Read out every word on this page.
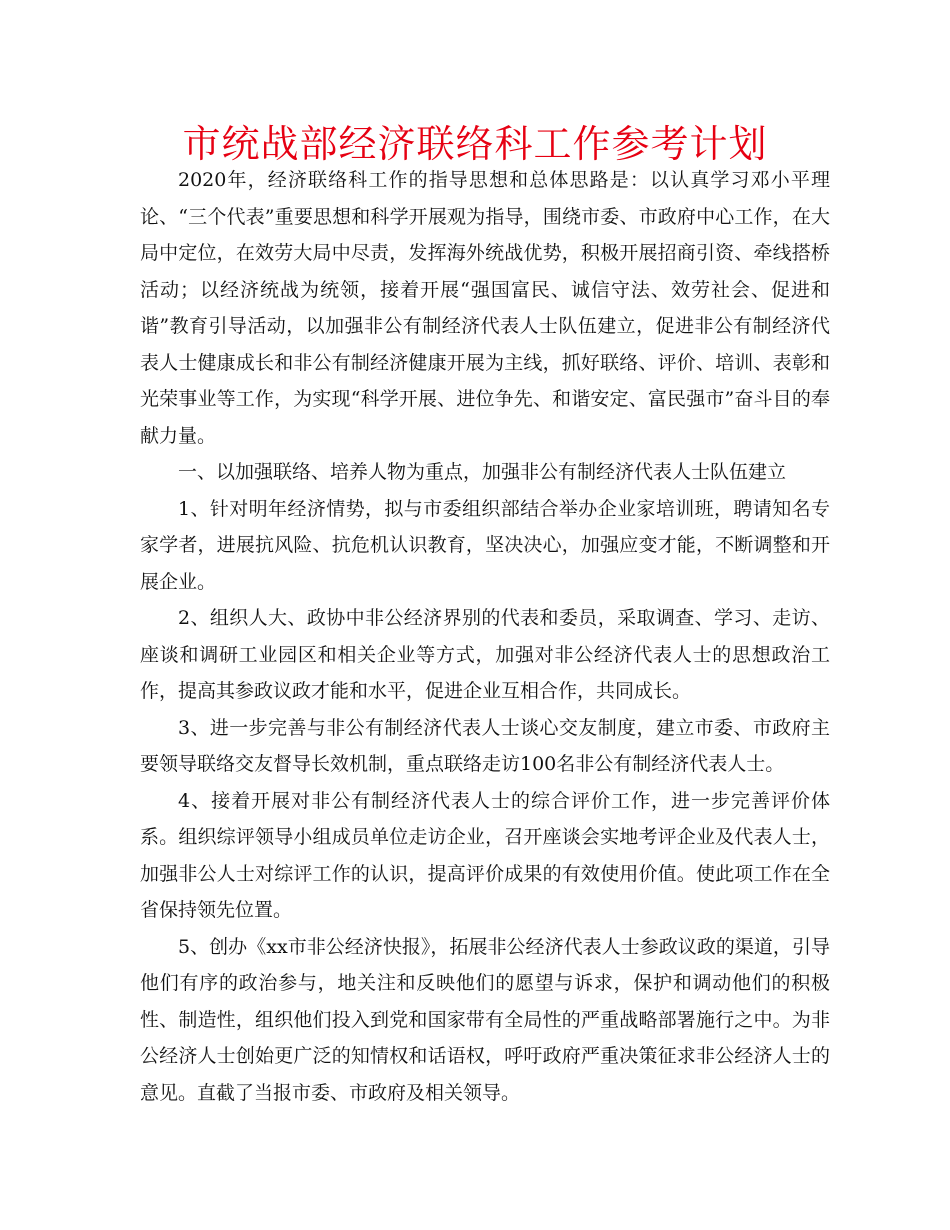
市统战部经济联络科工作参考计划

2020年，经济联络科工作的指导思想和总体思路是：以认真学习邓小平理论、“三个代表”重要思想和科学开展观为指导，围绕市委、市政府中心工作，在大局中定位，在效劳大局中尽责，发挥海外统战优势，积极开展招商引资、牵线搭桥活动；以经济统战为统领，接着开展“强国富民、诚信守法、效劳社会、促进和谐”教育引导活动，以加强非公有制经济代表人士队伍建立，促进非公有制经济代表人士健康成长和非公有制经济健康开展为主线，抓好联络、评价、培训、表彰和光荣事业等工作，为实现“科学开展、进位争先、和谐安定、富民强市”奋斗目的奉献力量。

一、以加强联络、培养人物为重点，加强非公有制经济代表人士队伍建立

1、针对明年经济情势，拟与市委组织部结合举办企业家培训班，聘请知名专家学者，进展抗风险、抗危机认识教育，坚决决心，加强应变才能，不断调整和开展企业。

2、组织人大、政协中非公经济界别的代表和委员，采取调查、学习、走访、座谈和调研工业园区和相关企业等方式，加强对非公经济代表人士的思想政治工作，提高其参政议政才能和水平，促进企业互相合作，共同成长。

3、进一步完善与非公有制经济代表人士谈心交友制度，建立市委、市政府主要领导联络交友督导长效机制，重点联络走访100名非公有制经济代表人士。

4、接着开展对非公有制经济代表人士的综合评价工作，进一步完善评价体系。组织综评领导小组成员单位走访企业，召开座谈会实地考评企业及代表人士，加强非公人士对综评工作的认识，提高评价成果的有效使用价值。使此项工作在全省保持领先位置。

5、创办《xx市非公经济快报》，拓展非公经济代表人士参政议政的渠道，引导他们有序的政治参与，地关注和反映他们的愿望与诉求，保护和调动他们的积极性、制造性，组织他们投入到党和国家带有全局性的严重战略部署施行之中。为非公经济人士创始更广泛的知情权和话语权，呼吁政府严重决策征求非公经济人士的意见。直截了当报市委、市政府及相关领导。
